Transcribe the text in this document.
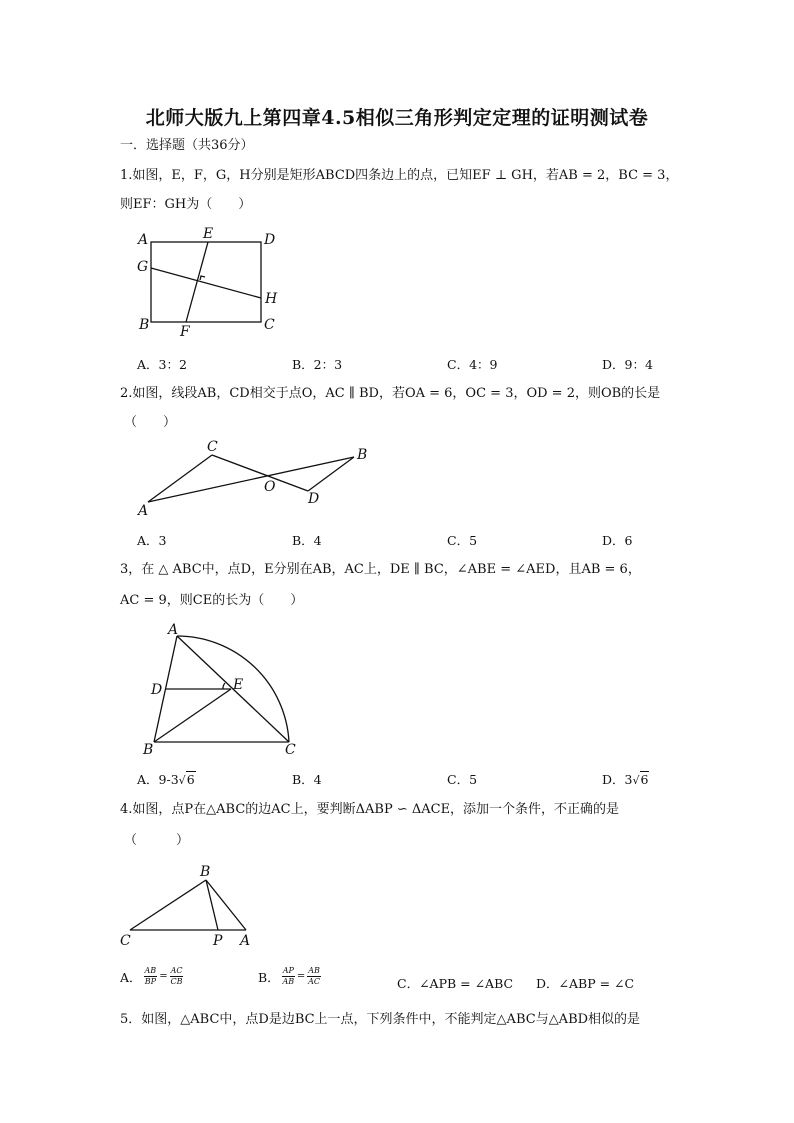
北师大版九上第四章4.5相似三角形判定定理的证明测试卷
一．选择题（共36分）
1.如图，E，F，G，H分别是矩形ABCD四条边上的点，已知EF ⊥ GH，若AB = 2，BC = 3，
则EF：GH为（　　）
A	E	D
G
H
B F	C
A．3：2	B．2：3	C．4：9	D．9：4
2.如图，线段AB，CD相交于点O，AC ∥ BD，若OA = 6，OC = 3，OD = 2，则OB的长是
（　　）
A
C
O
D
B
A．3	B．4	C．5	D．6
3，在 △ ABC中，点D，E分别在AB，AC上，DE ∥ BC，∠ABE = ∠AED，且AB = 6，
AC = 9，则CE的长为（　　）
A
D	E
B	C
A．9-3√6	B．4	C．5	D．3√6
4.如图，点P在△ABC的边AC上，要判断ΔABP ∽ ΔACE，添加一个条件，不正确的是
（　　　）
B
C	P A
A． $\frac{AB}{BP} = \frac{AC}{CB}$	B． $\frac{AP}{AB} = \frac{AB}{AC}$	C．∠APB = ∠ABC D．∠ABP = ∠C
5．如图，△ABC中，点D是边BC上一点，下列条件中，不能判定△ABC与△ABD相似的是
